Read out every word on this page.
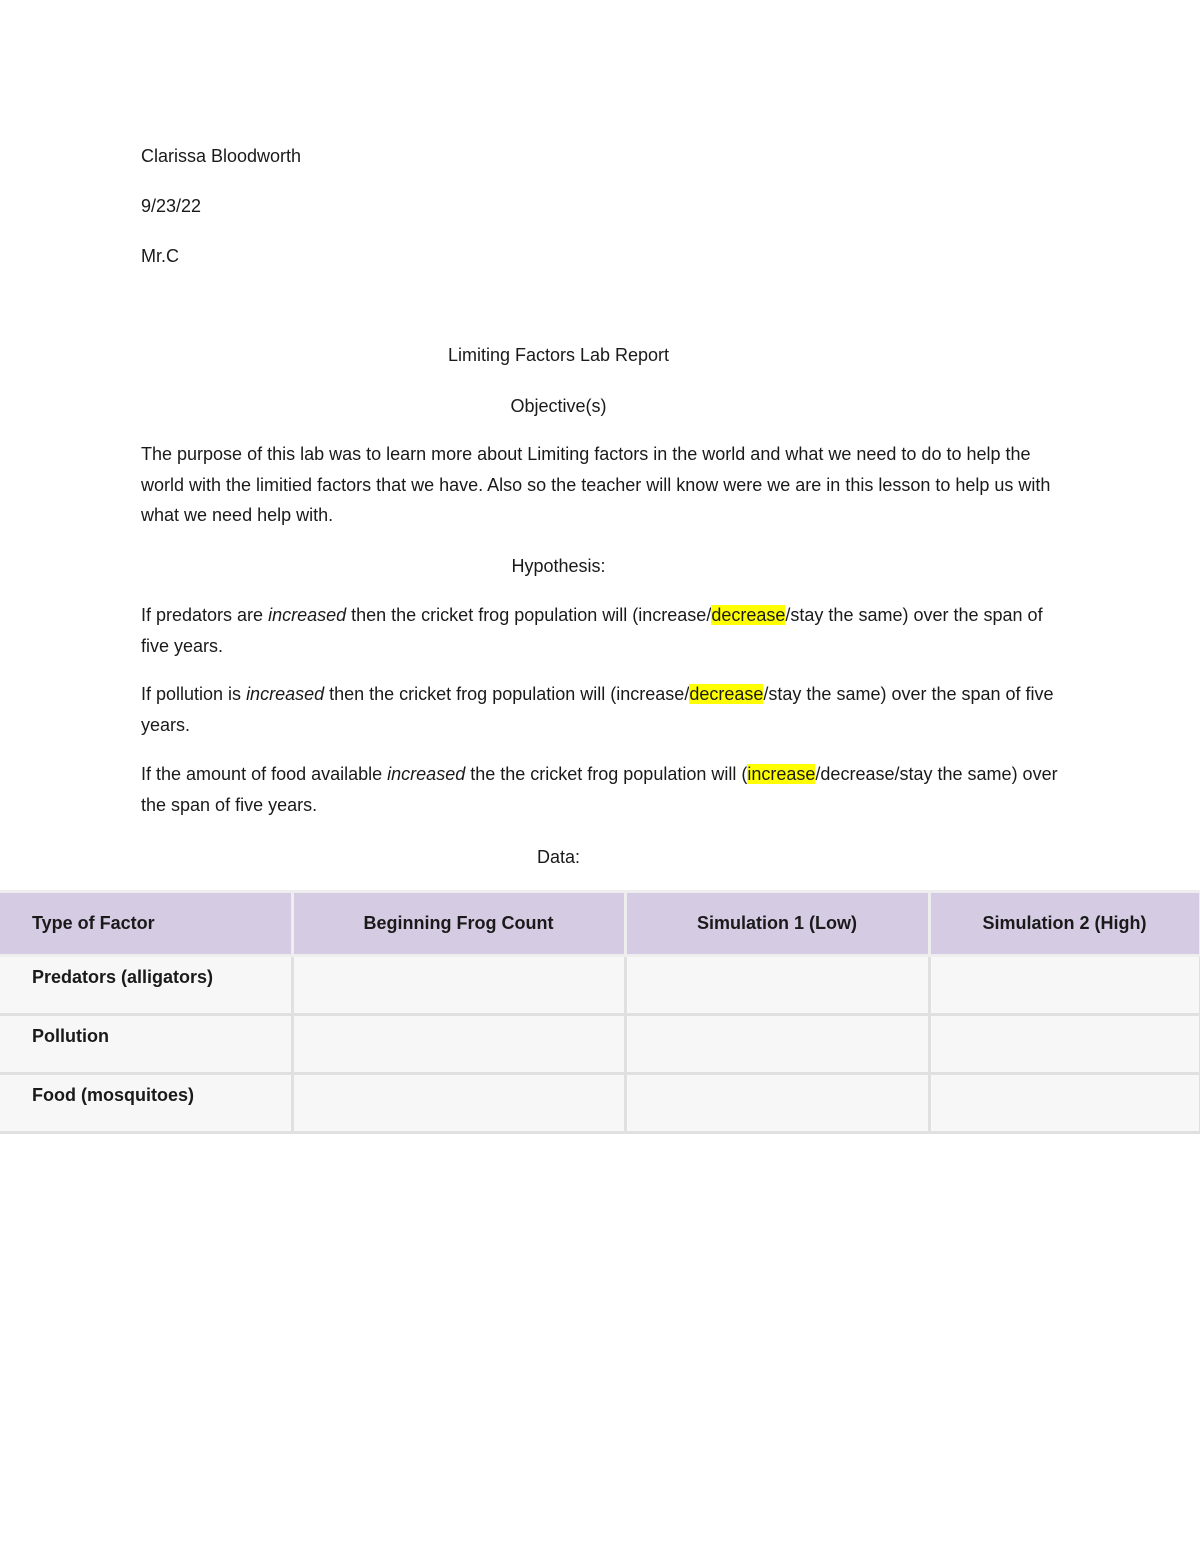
Clarissa Bloodworth
9/23/22
Mr.C
Limiting Factors Lab Report
Objective(s)
The purpose of this lab was to learn more about Limiting factors in the world and what we need to do to help the world with the limitied factors that we have. Also so the teacher will know were we are in this lesson to help us with what we need help with.
Hypothesis:
If predators are increased then the cricket frog population will (increase/decrease/stay the same) over the span of five years.
If pollution is increased then the cricket frog population will (increase/decrease/stay the same) over the span of five years.
If the amount of food available increased the the cricket frog population will (increase/decrease/stay the same) over the span of five years.
Data:
Type of Factor	Beginning Frog Count	Simulation 1 (Low)	Simulation 2 (High)
Predators (alligators)			
Pollution			
Food (mosquitoes)			
